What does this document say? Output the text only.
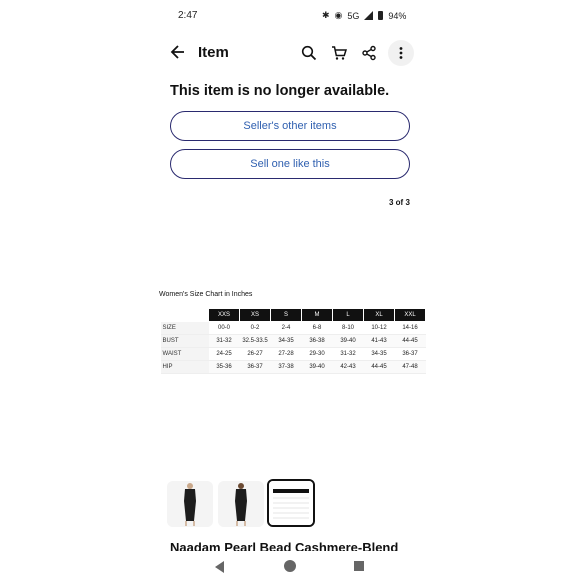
2:47	✱ ◉ 5G	94%
Item
This item is no longer available.
Seller's other items
Sell one like this
3 of 3
Women's Size Chart in Inches
	XXS	XS	S	M	L	XL	XXL
SIZE	00-0	0-2	2-4	6-8	8-10	10-12	14-16
BUST	31-32	32.5-33.5	34-35	36-38	39-40	41-43	44-45
WAIST	24-25	26-27	27-28	29-30	31-32	34-35	36-37
HIP	35-36	36-37	37-38	39-40	42-43	44-45	47-48
Naadam Pearl Bead Cashmere-Blend
